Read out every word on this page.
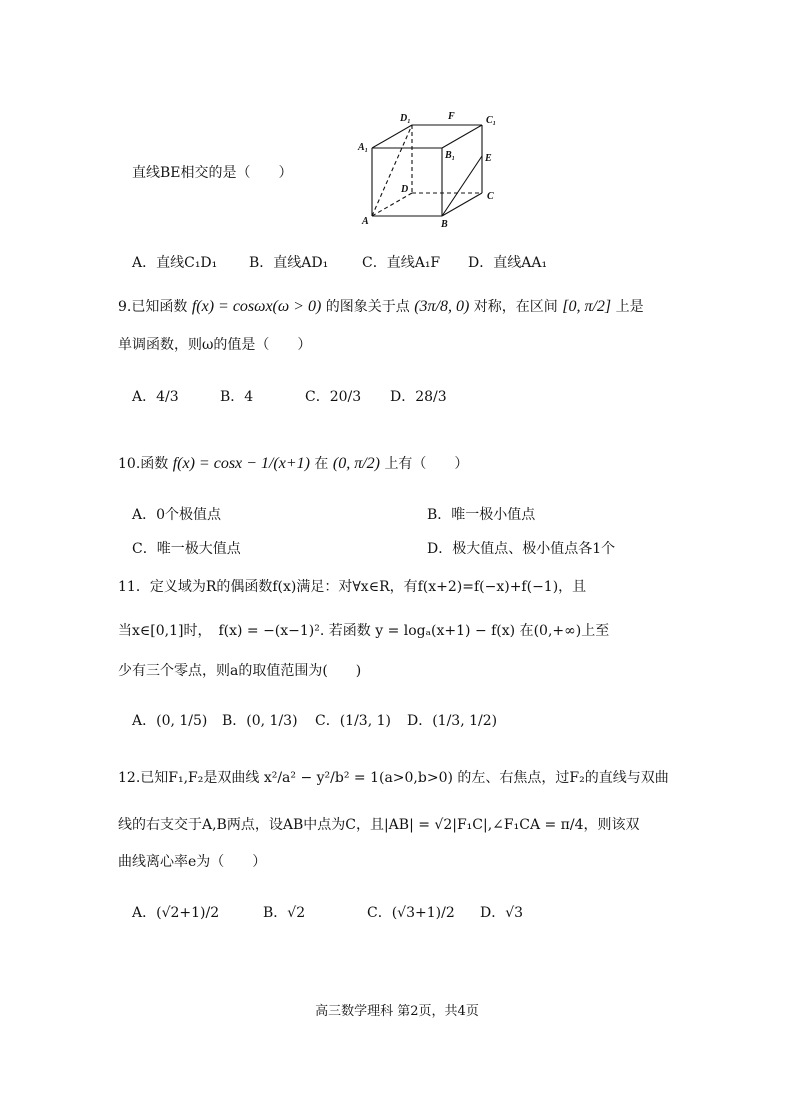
直线BE相交的是（　　）
D₁	F	C₁
A₁
B₁	E
D
C
A	B
A．直线C₁D₁ B．直线AD₁ C．直线A₁F D．直线AA₁
9.已知函数 f(x) = cosωx(ω > 0) 的图象关于点 (3π/8, 0) 对称，在区间 [0, π/2] 上是
单调函数，则ω的值是（　　）
A．4/3	B．4	C．20/3 D．28/3
10.函数 f(x) = cosx − 1/(x+1) 在 (0, π/2) 上有（　　）
A．0个极值点	B．唯一极小值点
C．唯一极大值点	D．极大值点、极小值点各1个
11．定义域为R的偶函数f(x)满足：对∀x∈R，有f(x+2)=f(−x)+f(−1)，且
当x∈[0,1]时，　f(x) = −(x−1)². 若函数 y = logₐ(x+1) − f(x) 在(0,+∞)上至
少有三个零点，则a的取值范围为(　　)
A．(0, 1/5) B．(0, 1/3) C．(1/3, 1) D．(1/3, 1/2)
12.已知F₁,F₂是双曲线 x²/a² − y²/b² = 1(a>0,b>0) 的左、右焦点，过F₂的直线与双曲
线的右支交于A,B两点，设AB中点为C，且|AB| = √2|F₁C|,∠F₁CA = π/4，则该双
曲线离心率e为（　　）
A．(√2+1)/2	B．√2	C．(√3+1)/2 D．√3
高三数学理科 第2页，共4页
